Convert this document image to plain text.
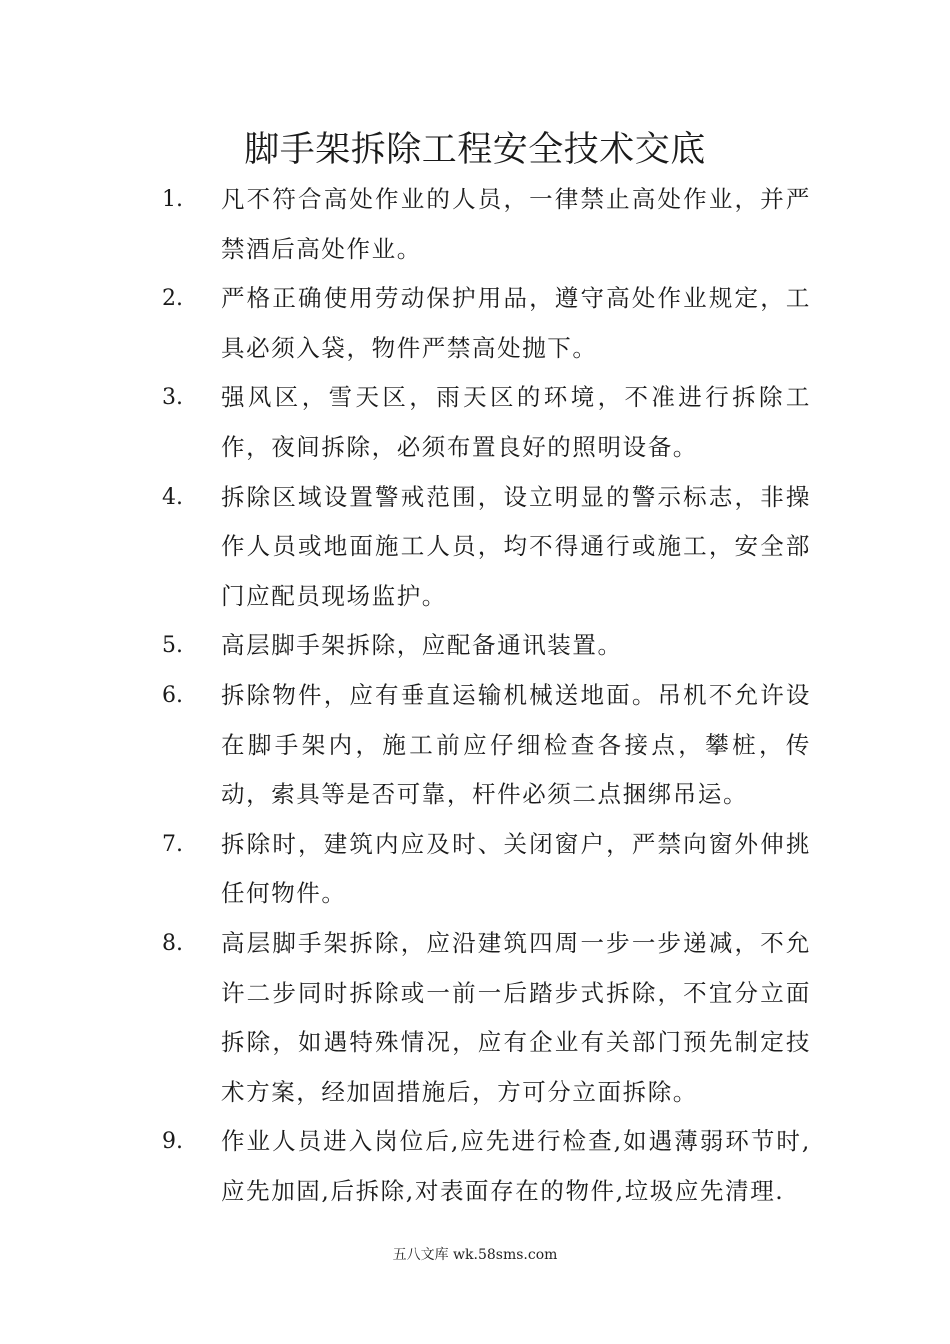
脚手架拆除工程安全技术交底
1.	凡不符合高处作业的人员，一律禁止高处作业，并严禁酒后高处作业。
2.	严格正确使用劳动保护用品，遵守高处作业规定，工具必须入袋，物件严禁高处抛下。
3.	强风区，雪天区，雨天区的环境，不准进行拆除工作，夜间拆除，必须布置良好的照明设备。
4.	拆除区域设置警戒范围，设立明显的警示标志，非操作人员或地面施工人员，均不得通行或施工，安全部门应配员现场监护。
5.	高层脚手架拆除，应配备通讯装置。
6.	拆除物件，应有垂直运输机械送地面。吊机不允许设在脚手架内，施工前应仔细检查各接点，攀桩，传动，索具等是否可靠，杆件必须二点捆绑吊运。
7.	拆除时，建筑内应及时、关闭窗户，严禁向窗外伸挑任何物件。
8.	高层脚手架拆除，应沿建筑四周一步一步递减，不允许二步同时拆除或一前一后踏步式拆除，不宜分立面拆除，如遇特殊情况，应有企业有关部门预先制定技术方案，经加固措施后，方可分立面拆除。
9.	作业人员进入岗位后,应先进行检查,如遇薄弱环节时,应先加固,后拆除,对表面存在的物件,垃圾应先清理.
五八文库 wk.58sms.com
